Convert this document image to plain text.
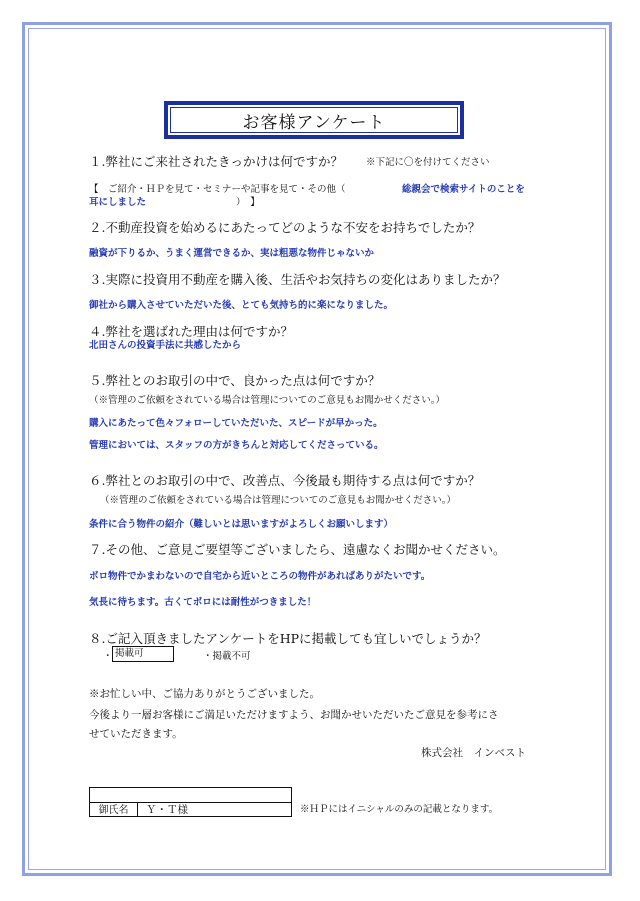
お客様アンケート
１.弊社にご来社されたきっかけは何ですか？ ※下記に〇を付けてください
【　ご紹介・ＨＰを見て・セミナーや記事を見て・その他（	総親会で検索サイトのことを
耳にしました	）　】
２.不動産投資を始めるにあたってどのような不安をお持ちでしたか？
融資が下りるか、うまく運営できるか、実は粗悪な物件じゃないか
３.実際に投資用不動産を購入後、生活やお気持ちの変化はありましたか？
御社から購入させていただいた後、とても気持ち的に楽になりました。
４.弊社を選ばれた理由は何ですか？
北田さんの投資手法に共感したから
５.弊社とのお取引の中で、良かった点は何ですか？
（※管理のご依頼をされている場合は管理についてのご意見もお聞かせください。）
購入にあたって色々フォローしていただいた、スピードが早かった。
管理においては、スタッフの方がきちんと対応してくださっている。
６.弊社とのお取引の中で、改善点、今後最も期待する点は何ですか？
（※管理のご依頼をされている場合は管理についてのご意見もお聞かせください。）
条件に合う物件の紹介（難しいとは思いますがよろしくお願いします）
７.その他、ご意見ご要望等ございましたら、遠慮なくお聞かせください。
ボロ物件でかまわないので自宅から近いところの物件があればありがたいです。
気長に待ちます。古くてボロには耐性がつきました！
８.ご記入頂きましたアンケートをHPに掲載しても宜しいでしょうか？
・ 掲載可	・掲載不可
※お忙しい中、ご協力ありがとうございました。
今後より一層お客様にご満足いただけますよう、お聞かせいただいたご意見を参考にさ
せていただきます。
株式会社　インベスト
御氏名	Ｙ・Ｔ様	※ＨＰにはイニシャルのみの記載となります。
